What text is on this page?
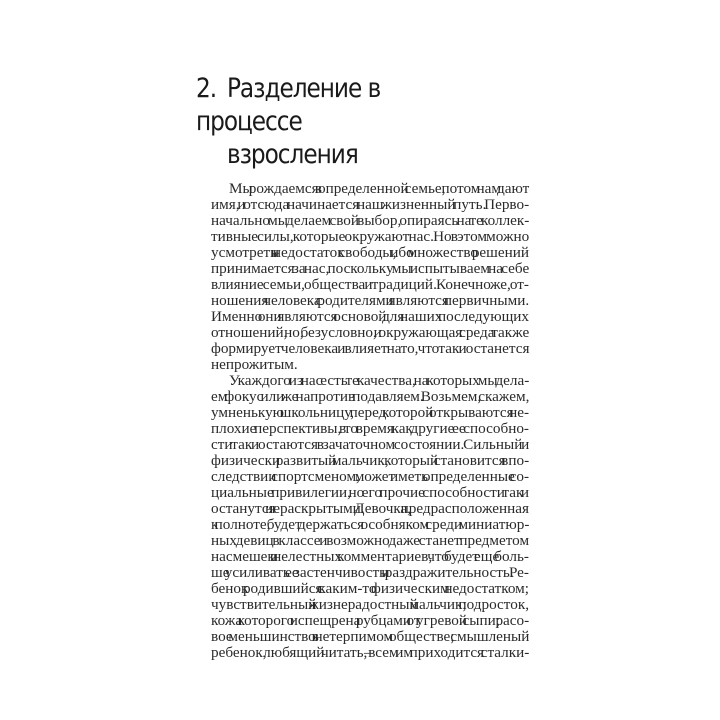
2. Разделение в процессе
взросления
Мы рождаемся в определенной семье, потом нам дают
имя, и отсюда начинается наш жизненный путь. Перво-
начально мы делаем свой выбор, опираясь на те коллек-
тивные силы, которые окружают нас. Но в этом можно
усмотреть и недостаток свободы, ибо множество решений
принимается за нас, поскольку мы испытываем на себе
влияние семьи, общества и традиций. Конечно же, от-
ношения человека с родителями являются первичными.
Именно они являются основой для наших последующих
отношений, но, безусловно, и окружающая среда также
формирует человека и влияет на то, что так и останется
непрожитым.
У каждого из нас есть те качества, на которых мы дела-
ем фокус или же напротив подавляем. Возьмем, скажем,
умненькую школьницу, перед которой открываются не-
плохие перспективы, в то время как другие ее способно-
сти так и остаются в зачаточном состоянии. Сильный и
физически развитый мальчик, который становится впо-
следствии спортсменом, может иметь определенные со-
циальные привилегии, но его прочие способности так и
останутся нераскрытыми. Девочка, предрасположенная
к полноте, будет держаться особняком среди миниатюр-
ных девиц в классе и возможно даже станет предметом
насмешек и нелестных комментариев, что будет еще боль-
ше усиливать ее застенчивость и раздражительность. Ре-
бенок родившийся с каким-то физическим недостатком;
чувствительный жизнерадостный мальчик; подросток,
кожа которого испещрена рубцами от угревой сыпи; расо-
вое меньшинство в нетерпимом обществе; смышленый
ребенок, любящий читать, – всем им приходится сталки-
